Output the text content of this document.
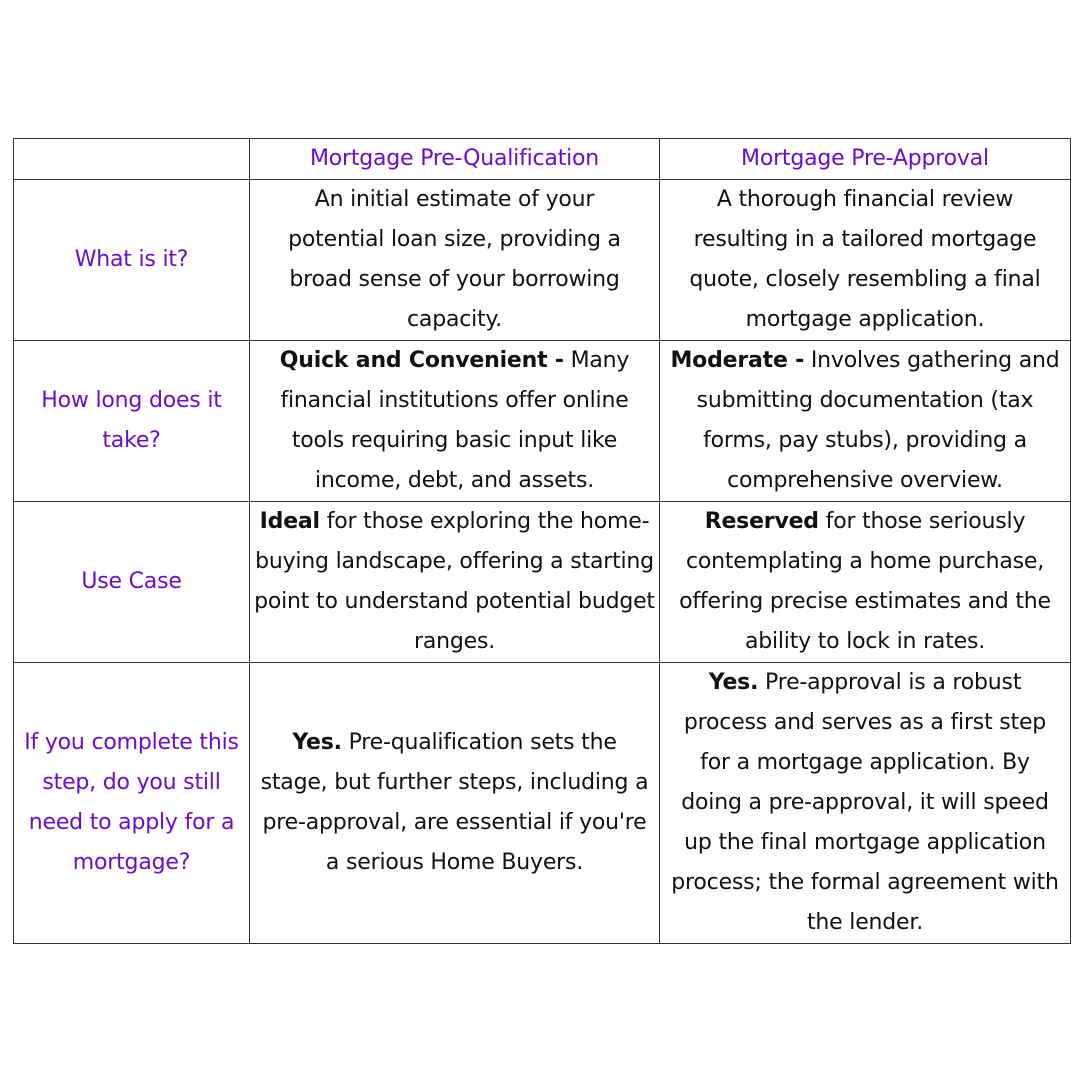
	Mortgage Pre-Qualification	Mortgage Pre-Approval
What is it?	An initial estimate of your potential loan size, providing a broad sense of your borrowing capacity.	A thorough financial review resulting in a tailored mortgage quote, closely resembling a final mortgage application.
How long does it take?	Quick and Convenient - Many financial institutions offer online tools requiring basic input like income, debt, and assets.	Moderate - Involves gathering and submitting documentation (tax forms, pay stubs), providing a comprehensive overview.
Use Case	Ideal for those exploring the home-buying landscape, offering a starting point to understand potential budget ranges.	Reserved for those seriously contemplating a home purchase, offering precise estimates and the ability to lock in rates.
If you complete this step, do you still need to apply for a mortgage?	Yes. Pre-qualification sets the stage, but further steps, including a pre-approval, are essential if you're a serious Home Buyers.	Yes. Pre-approval is a robust process and serves as a first step for a mortgage application. By doing a pre-approval, it will speed up the final mortgage application process; the formal agreement with the lender.
